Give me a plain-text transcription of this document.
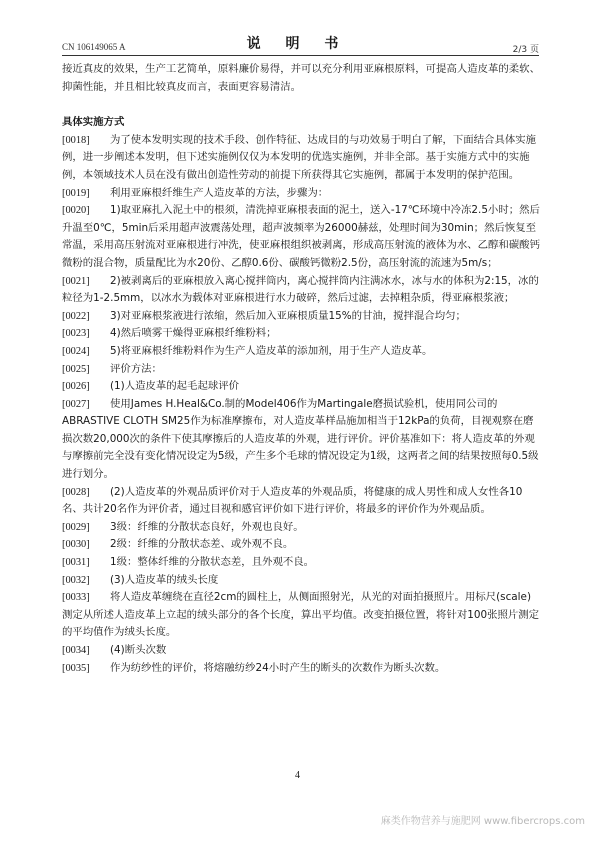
CN 106149065 A	说 明 书	2/3 页

接近真皮的效果，生产工艺简单，原料廉价易得，并可以充分利用亚麻根原料，可提高人造皮革的柔软、抑菌性能，并且相比较真皮而言，表面更容易清洁。

具体实施方式

[0018] 为了使本发明实现的技术手段、创作特征、达成目的与功效易于明白了解，下面结合具体实施例，进一步阐述本发明，但下述实施例仅仅为本发明的优选实施例，并非全部。基于实施方式中的实施例，本领域技术人员在没有做出创造性劳动的前提下所获得其它实施例，都属于本发明的保护范围。

[0019] 利用亚麻根纤维生产人造皮革的方法，步骤为：

[0020] 1)取亚麻扎入泥土中的根须，清洗掉亚麻根表面的泥土，送入-17℃环境中冷冻2.5小时；然后升温至0℃，5min后采用超声波震荡处理，超声波频率为26000赫兹，处理时间为30min；然后恢复至常温，采用高压射流对亚麻根进行冲洗，使亚麻根组织被剥离，形成高压射流的液体为水、乙醇和碳酸钙微粉的混合物，质量配比为水20份、乙醇0.6份、碳酸钙微粉2.5份，高压射流的流速为5m/s；

[0021] 2)被剥离后的亚麻根放入离心搅拌筒内，离心搅拌筒内注满冰水，冰与水的体积为2:15，冰的粒径为1-2.5mm，以冰水为载体对亚麻根进行水力破碎，然后过滤，去掉粗杂质，得亚麻根浆液；

[0022] 3)对亚麻根浆液进行浓缩，然后加入亚麻根质量15%的甘油，搅拌混合均匀；

[0023] 4)然后喷雾干燥得亚麻根纤维粉料；

[0024] 5)将亚麻根纤维粉料作为生产人造皮革的添加剂，用于生产人造皮革。

[0025] 评价方法：

[0026] (1)人造皮革的起毛起球评价

[0027] 使用James H.Heal&Co.制的Model406作为Martingale磨损试验机，使用同公司的ABRASTIVE CLOTH SM25作为标准摩擦布，对人造皮革样品施加相当于12kPa的负荷，目视观察在磨损次数20,000次的条件下使其摩擦后的人造皮革的外观，进行评价。评价基准如下：将人造皮革的外观与摩擦前完全没有变化情况设定为5级，产生多个毛球的情况设定为1级，这两者之间的结果按照每0.5级进行划分。

[0028] (2)人造皮革的外观品质评价对于人造皮革的外观品质，将健康的成人男性和成人女性各10名、共计20名作为评价者，通过目视和感官评价如下进行评价，将最多的评价作为外观品质。

[0029] 3级：纤维的分散状态良好，外观也良好。

[0030] 2级：纤维的分散状态差、或外观不良。

[0031] 1级：整体纤维的分散状态差，且外观不良。

[0032] (3)人造皮革的绒头长度

[0033] 将人造皮革缠绕在直径2cm的圆柱上，从侧面照射光，从光的对面拍摄照片。用标尺(scale)测定从所述人造皮革上立起的绒头部分的各个长度，算出平均值。改变拍摄位置，将针对100张照片测定的平均值作为绒头长度。

[0034] (4)断头次数

[0035] 作为纺纱性的评价，将熔融纺纱24小时产生的断头的次数作为断头次数。

4
麻类作物营养与施肥网 www.fibercrops.com
